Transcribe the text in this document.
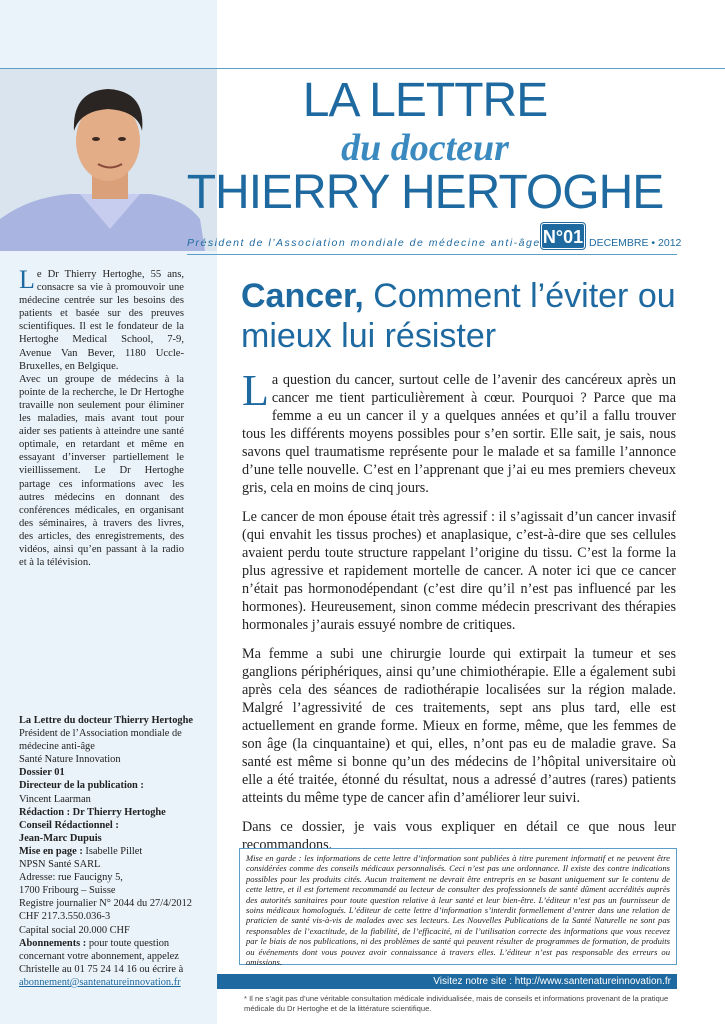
LA LETTRE
du docteur
THIERRY HERTOGHE
Président de l’Association mondiale de médecine anti-âge N°01 DECEMBRE • 2012
L e Dr Thierry Hertoghe, 55 ans, consacre sa vie à promouvoir une médecine centrée sur les besoins des patients et basée sur des preuves scientifiques. Il est le fondateur de la Hertoghe Medical School, 7-9, Avenue Van Bever, 1180 Uccle-Bruxelles, en Belgique.

Avec un groupe de médecins à la pointe de la recherche, le Dr Hertoghe travaille non seulement pour éliminer les maladies, mais avant tout pour aider ses patients à atteindre une santé optimale, en retardant et même en essayant d’inverser partiellement le vieillissement. Le Dr Hertoghe partage ces informations avec les autres médecins en donnant des conférences médicales, en organisant des séminaires, à travers des livres, des articles, des enregistrements, des vidéos, ainsi qu’en passant à la radio et à la télévision.

La Lettre du docteur Thierry Hertoghe
Président de l’Association mondiale de médecine anti-âge
Santé Nature Innovation
Dossier 01
Directeur de la publication :
Vincent Laarman
Rédaction : Dr Thierry Hertoghe
Conseil Rédactionnel :
Jean-Marc Dupuis
Mise en page : Isabelle Pillet
NPSN Santé SARL
Adresse: rue Faucigny 5,
1700 Fribourg – Suisse
Registre journalier N° 2044 du 27/4/2012
CHF 217.3.550.036-3
Capital social 20.000 CHF
Abonnements : pour toute question concernant votre abonnement, appelez Christelle au 01 75 24 14 16 ou écrire à
abonnement@santenatureinnovation.fr
Cancer, Comment l’éviter ou mieux lui résister

La question du cancer, surtout celle de l’avenir des cancéreux après un cancer me tient particulièrement à cœur. Pourquoi ? Parce que ma femme a eu un cancer il y a quelques années et qu’il a fallu trouver tous les différents moyens possibles pour s’en sortir. Elle sait, je sais, nous savons quel traumatisme représente pour le malade et sa famille l’annonce d’une telle nouvelle. C’est en l’apprenant que j’ai eu mes premiers cheveux gris, cela en moins de cinq jours.

Le cancer de mon épouse était très agressif : il s’agissait d’un cancer invasif (qui envahit les tissus proches) et anaplasique, c’est-à-dire que ses cellules avaient perdu toute structure rappelant l’origine du tissu. C’est la forme la plus agressive et rapidement mortelle de cancer. A noter ici que ce cancer n’était pas hormonodépendant (c’est dire qu’il n’est pas influencé par les hormones). Heureusement, sinon comme médecin prescrivant des thérapies hormonales j’aurais essuyé nombre de critiques.

Ma femme a subi une chirurgie lourde qui extirpait la tumeur et ses ganglions périphériques, ainsi qu’une chimiothérapie. Elle a également subi après cela des séances de radiothérapie localisées sur la région malade. Malgré l’agressivité de ces traitements, sept ans plus tard, elle est actuellement en grande forme. Mieux en forme, même, que les femmes de son âge (la cinquantaine) et qui, elles, n’ont pas eu de maladie grave. Sa santé est même si bonne qu’un des médecins de l’hôpital universitaire où elle a été traitée, étonné du résultat, nous a adressé d’autres (rares) patients atteints du même type de cancer afin d’améliorer leur suivi.

Dans ce dossier, je vais vous expliquer en détail ce que nous leur recommandons.

Mise en garde : les informations de cette lettre d’information sont publiées à titre purement informatif et ne peuvent être considérées comme des conseils médicaux personnalisés. Ceci n’est pas une ordonnance. Il existe des contre indications possibles pour les produits cités. Aucun traitement ne devrait être entrepris en se basant uniquement sur le contenu de cette lettre, et il est fortement recommandé au lecteur de consulter des professionnels de santé dûment accrédités auprès des autorités sanitaires pour toute question relative à leur santé et leur bien-être. L’éditeur n’est pas un fournisseur de soins médicaux homologués. L’éditeur de cette lettre d’information s’interdit formellement d’entrer dans une relation de praticien de santé vis-à-vis de malades avec ses lecteurs. Les Nouvelles Publications de la Santé Naturelle ne sont pas responsables de l’exactitude, de la fiabilité, de l’efficacité, ni de l’utilisation correcte des informations que vous recevez par le biais de nos publications, ni des problèmes de santé qui peuvent résulter de programmes de formation, de produits ou événements dont vous pouvez avoir connaissance à travers elles. L’éditeur n’est pas responsable des erreurs ou omissions.
Visitez notre site : http://www.santenatureinnovation.fr
* Il ne s’agit pas d’une véritable consultation médicale individualisée, mais de conseils et informations provenant de la pratique médicale du Dr Hertoghe et de la littérature scientifique.
